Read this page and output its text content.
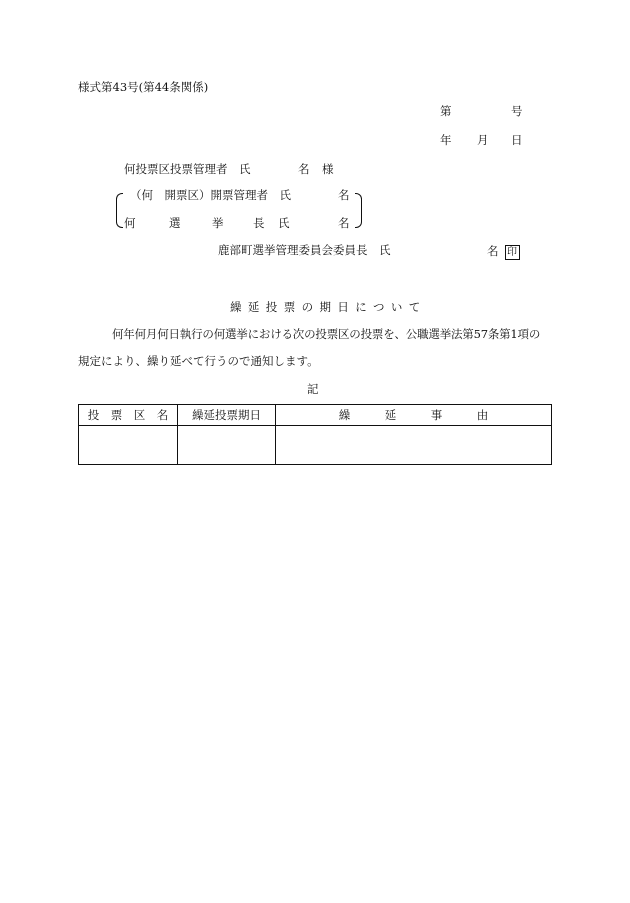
様式第43号(第44条関係)
第	号
年 月 日
何投票区投票管理者　氏	名 様
（何　開票区）開票管理者　氏	名
何	選	挙	長 氏	名
鹿部町選挙管理委員会委員長　氏	名 印
繰延投票の期日について
何年何月何日執行の何選挙における次の投票区の投票を、公職選挙法第57条第1項の
規定により、繰り延べて行うので通知します。
記
投　票　区　名	繰延投票期日	繰　　　延　　　事　　　由
